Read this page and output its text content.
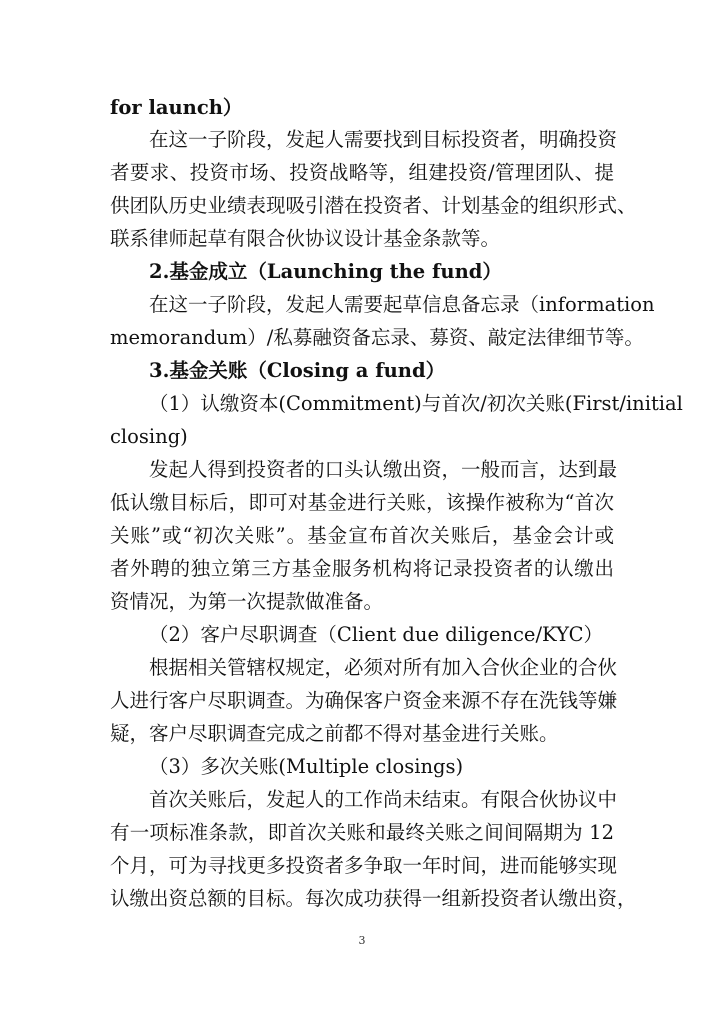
for launch）
在这一子阶段，发起人需要找到目标投资者，明确投资
者要求、投资市场、投资战略等，组建投资/管理团队、提
供团队历史业绩表现吸引潜在投资者、计划基金的组织形式、
联系律师起草有限合伙协议设计基金条款等。
2.基金成立（Launching the fund）
在这一子阶段，发起人需要起草信息备忘录（information
memorandum）/私募融资备忘录、募资、敲定法律细节等。
3.基金关账（Closing a fund）
（1）认缴资本(Commitment)与首次/初次关账(First/initial
closing)
发起人得到投资者的口头认缴出资，一般而言，达到最
低认缴目标后，即可对基金进行关账，该操作被称为“首次
关账”或“初次关账”。基金宣布首次关账后，基金会计或
者外聘的独立第三方基金服务机构将记录投资者的认缴出
资情况，为第一次提款做准备。
（2）客户尽职调查（Client due diligence/KYC）
根据相关管辖权规定，必须对所有加入合伙企业的合伙
人进行客户尽职调查。为确保客户资金来源不存在洗钱等嫌
疑，客户尽职调查完成之前都不得对基金进行关账。
（3）多次关账(Multiple closings)
首次关账后，发起人的工作尚未结束。有限合伙协议中
有一项标准条款，即首次关账和最终关账之间间隔期为 12
个月，可为寻找更多投资者多争取一年时间，进而能够实现
认缴出资总额的目标。每次成功获得一组新投资者认缴出资，
3
